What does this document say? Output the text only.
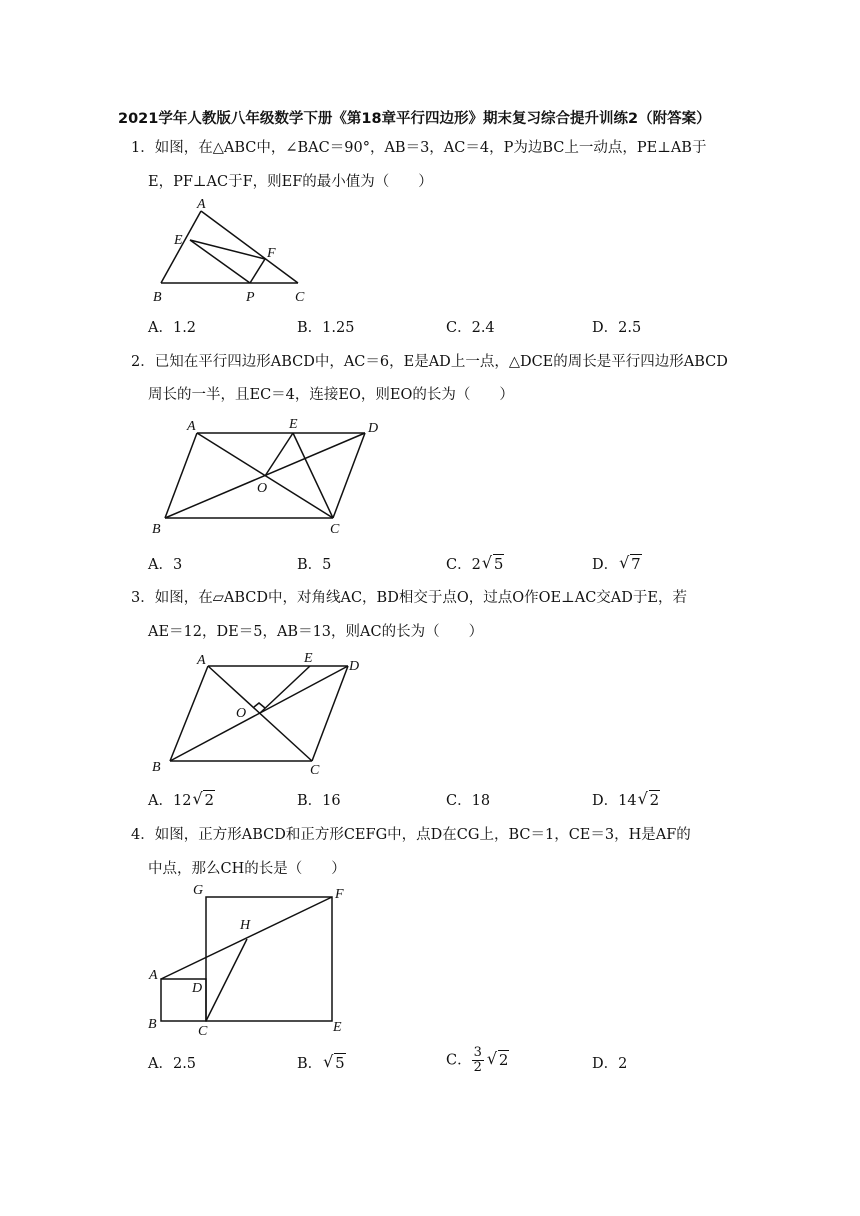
2021学年人教版八年级数学下册《第18章平行四边形》期末复习综合提升训练2（附答案）
1．如图，在△ABC中，∠BAC＝90°，AB＝3，AC＝4，P为边BC上一动点，PE⊥AB于
E，PF⊥AC于F，则EF的最小值为（　　）
A
E
F
B	P	C
A．1.2	B．1.25	C．2.4	D．2.5
2．已知在平行四边形ABCD中，AC＝6，E是AD上一点，△DCE的周长是平行四边形ABCD
周长的一半，且EC＝4，连接EO，则EO的长为（　　）
A	E	D
O
B	C
A．3	B．5	C．2 √ 5	D． √ 7
3．如图，在▱ABCD中，对角线AC，BD相交于点O，过点O作OE⊥AC交AD于E，若
AE＝12，DE＝5，AB＝13，则AC的长为（　　）
A	E
D
O
B	C
A．12 √ 2	B．16	C．18	D．14 √ 2
4．如图，正方形ABCD和正方形CEFG中，点D在CG上，BC＝1，CE＝3，H是AF的
中点，那么CH的长是（　　）
G	F
H
A
D
B	C	E
A．2.5	B． √ 5	C． $\frac{3}{2}$ √ 2	D．2
